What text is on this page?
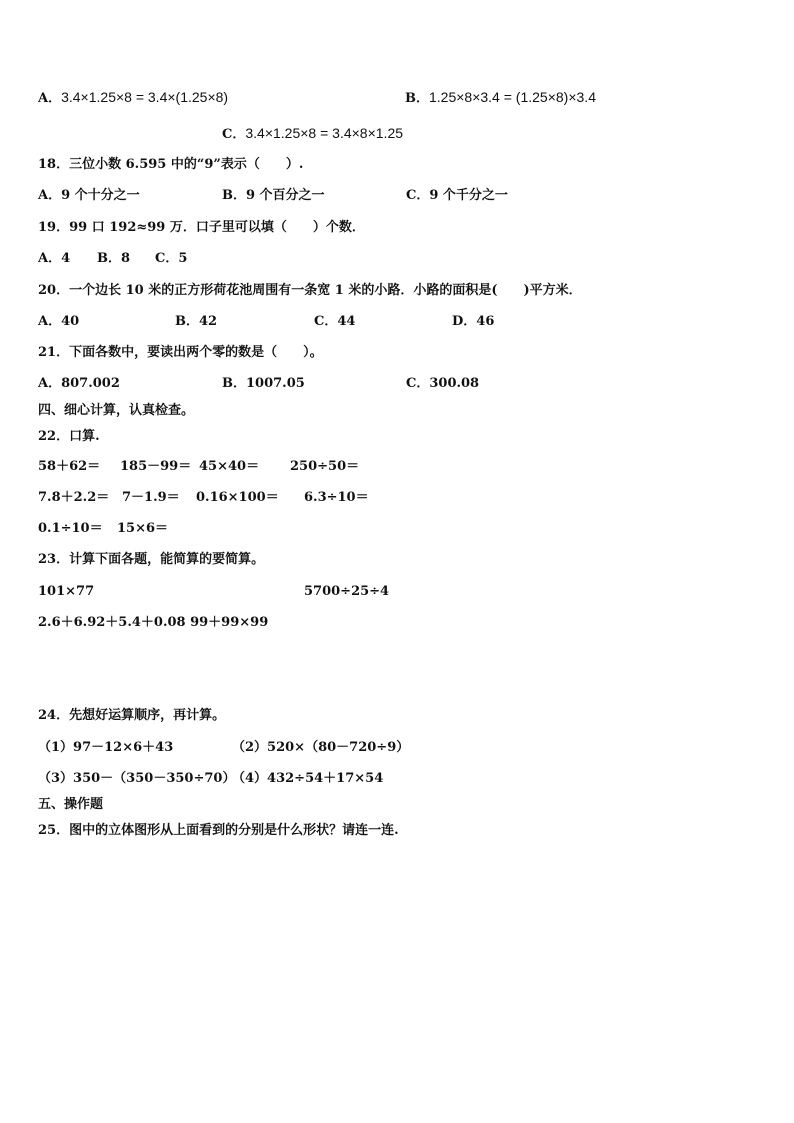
A．3.4×1.25×8 = 3.4×(1.25×8)	B．1.25×8×3.4 = (1.25×8)×3.4
C．3.4×1.25×8 = 3.4×8×1.25
18．三位小数 6.595 中的“9”表示（　　）.
A．9 个十分之一	B．9 个百分之一	C．9 个千分之一
19．99 口 192≈99 万．口子里可以填（　　）个数．
A．4 B．8 C．5
20．一个边长 10 米的正方形荷花池周围有一条宽 1 米的小路．小路的面积是(　　)平方米．
A．40	B．42	C．44	D．46
21．下面各数中，要读出两个零的数是（　　）。
A．807.002	B．1007.05	C．300.08
四、细心计算，认真检查。
22．口算.
58＋62＝ 185－99＝ 45×40＝ 250÷50＝
7.8＋2.2＝ 7－1.9＝ 0.16×100＝ 6.3÷10＝
0.1÷10＝ 15×6＝
23．计算下面各题，能简算的要简算。
101×77	5700÷25÷4
2.6＋6.92＋5.4＋0.08 99＋99×99
24．先想好运算顺序，再计算。
（1）97－12×6＋43	（2）520×（80－720÷9）
（3）350－（350－350÷70）
（4）432÷54＋17×54
五、操作题
25．图中的立体图形从上面看到的分别是什么形状？请连一连.
